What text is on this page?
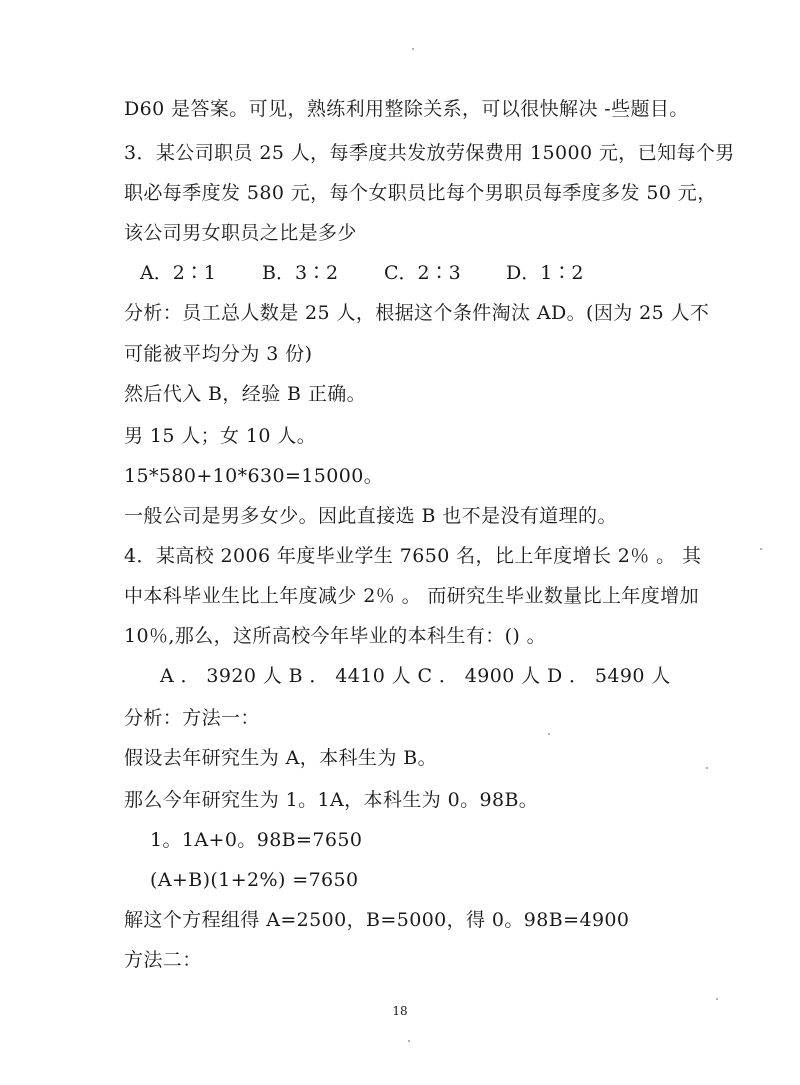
D60 是答案。可见，熟练利用整除关系，可以很快解决 -些题目。
3．某公司职员 25 人，每季度共发放劳保费用 15000 元，已知每个男
职必每季度发 580 元，每个女职员比每个男职员每季度多发 50 元，
该公司男女职员之比是多少
A．2∶1 B．3∶2 C．2∶3 D．1∶2
分析：员工总人数是 25 人，根据这个条件淘汰 AD。(因为 25 人不
可能被平均分为 3 份)
然后代入 B，经验 B 正确。
男 15 人；女 10 人。
15*580+10*630=15000。
一般公司是男多女少。因此直接选 B 也不是没有道理的。
4．某高校 2006 年度毕业学生 7650 名，比上年度增长 2％ 。 其
中本科毕业生比上年度减少 2％ 。 而研究生毕业数量比上年度增加
10％,那么，这所高校今年毕业的本科生有：() 。
A ． 3920 人 B ． 4410 人 C ． 4900 人 D ． 5490 人
分析：方法一：
假设去年研究生为 A，本科生为 B。
那么今年研究生为 1。1A，本科生为 0。98B。
1。1A+0。98B=7650
(A+B)(1+2%) =7650
解这个方程组得 A=2500，B=5000，得 0。98B=4900
方法二：
18
